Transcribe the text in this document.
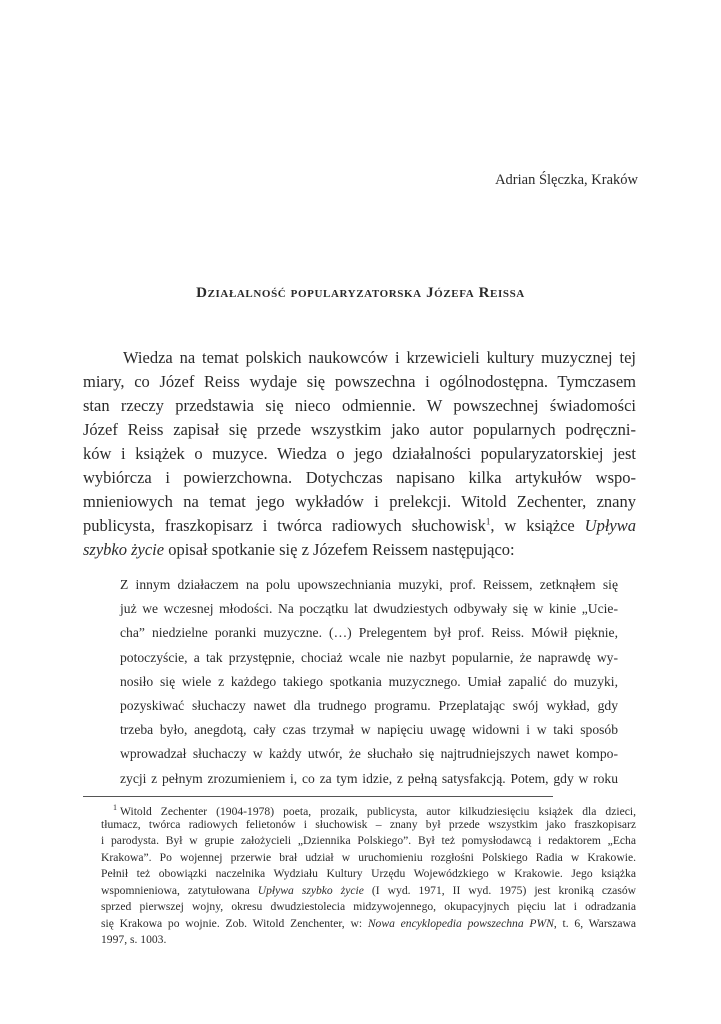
Adrian Ślęczka, Kraków
Działalność popularyzatorska Józefa Reissa
Wiedza na temat polskich naukowców i krzewicieli kultury muzycznej tej
miary, co Józef Reiss wydaje się powszechna i ogólnodostępna. Tymczasem
stan rzeczy przedstawia się nieco odmiennie. W powszechnej świadomości
Józef Reiss zapisał się przede wszystkim jako autor popularnych podręczni-
ków i książek o muzyce. Wiedza o jego działalności popularyzatorskiej jest
wybiórcza i powierzchowna. Dotychczas napisano kilka artykułów wspo-
mnieniowych na temat jego wykładów i prelekcji. Witold Zechenter, znany
publicysta, fraszkopisarz i twórca radiowych słuchowisk$^1$, w książce Upływa
szybko życie opisał spotkanie się z Józefem Reissem następująco:
Z innym działaczem na polu upowszechniania muzyki, prof. Reissem, zetknąłem się
już we wczesnej młodości. Na początku lat dwudziestych odbywały się w kinie „Ucie-
cha” niedzielne poranki muzyczne. (…) Prelegentem był prof. Reiss. Mówił pięknie,
potoczyście, a tak przystępnie, chociaż wcale nie nazbyt popularnie, że naprawdę wy-
nosiło się wiele z każdego takiego spotkania muzycznego. Umiał zapalić do muzyki,
pozyskiwać słuchaczy nawet dla trudnego programu. Przeplatając swój wykład, gdy
trzeba było, anegdotą, cały czas trzymał w napięciu uwagę widowni i w taki sposób
wprowadzał słuchaczy w każdy utwór, że słuchało się najtrudniejszych nawet kompo-
zycji z pełnym zrozumieniem i, co za tym idzie, z pełną satysfakcją. Potem, gdy w roku
$^1$ Witold Zechenter (1904-1978) poeta, prozaik, publicysta, autor kilkudziesięciu książek dla dzieci,
tłumacz, twórca radiowych felietonów i słuchowisk – znany był przede wszystkim jako fraszkopisarz
i parodysta. Był w grupie założycieli „Dziennika Polskiego”. Był też pomysłodawcą i redaktorem „Echa
Krakowa”. Po wojennej przerwie brał udział w uruchomieniu rozgłośni Polskiego Radia w Krakowie.
Pełnił też obowiązki naczelnika Wydziału Kultury Urzędu Wojewódzkiego w Krakowie. Jego książka
wspomnieniowa, zatytułowana Upływa szybko życie (I wyd. 1971, II wyd. 1975) jest kroniką czasów
sprzed pierwszej wojny, okresu dwudziestolecia midzywojennego, okupacyjnych pięciu lat i odradzania
się Krakowa po wojnie. Zob. Witold Zenchenter, w: Nowa encyklopedia powszechna PWN, t. 6, Warszawa
1997, s. 1003.
